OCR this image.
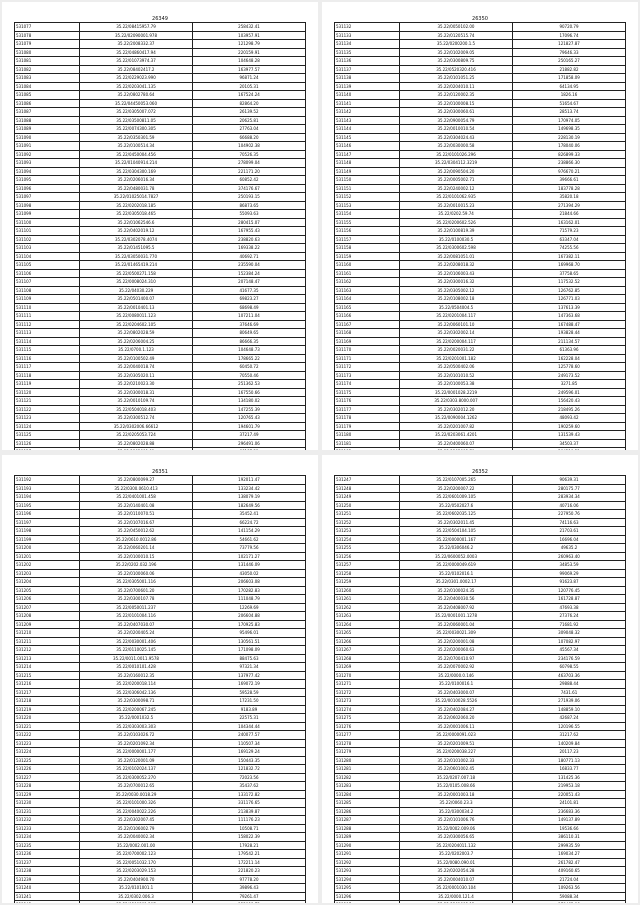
26349
531077	35.22/08415957.79	258432.41
531078	35.22/02090001.978	103957.91
531079	35.22/2008332.37	121298.79
531080	35.22/04860417.94	220159.91
531081	35.22/01073974.37	104648.28
531082	35.22/08402417.2	163977.57
531083	35.22/0229023.990	96871.24
531084	35.22/0203041.135	20105.31
531085	35.22/0802780.64	167524.24
531086	35.22/04450053.060	82864.20
531087	35.22/0305007.072	26139.52
531088	35.22/03500811.05	20625.81
531089	35.22/0074300.305	27763.04
531090	35.22/0350301.59	66688.20
531091	35.22/0100514.34	104902.38
531092	35.22/0450004.456	70526.35
531093	35.22/01040914.214	278099.04
531094	35.22/0304300.169	221171.20
531095	35.22/0206016.34	60852.42
531096	35.22/0480031.78	374176.67
531097	35.22/01025014.7827	250193.15
531098	35.22/0202018.185	86873.65
531099	35.22/0305018.465	55093.63
531100	35.22/01062546.6	280415.07
531101	35.22/0402019.12	167955.43
531102	35.22/0302078.4074	238820.63
531103	35.22/01451095.5	169338.22
531104	35.22/03050031.770	40692.71
531105	35.22/01465419.214	235590.04
531106	35.22/0500271.158	152384.24
531107	35.22/0008024.310	207148.47
531108	35.22/04030.229	41677.35
531109	35.22/0501400.07	69823.27
531110	35.22/0010401.13	68698.49
531111	35.22/0080011.123	107211.04
531112	35.22/0204602.105	37646.69
531113	35.22/0802028.59	80649.65
531114	35.22/0206004.25	86666.35
531115	35.22/0700.1.123	104648.73
531116	35.22/0100502.49	178665.22
531117	35.22/0040018.74	60450.72
531118	35.22/0305020.11	70550.46
531119	35.22/0210023.30	251362.53
531120	35.22/0300018.31	167550.66
531121	35.22/0010109.74	134180.02
531122	35.22/0504018.403	147255.39
531123	35.22/0300512.74	120765.43
531124	35.22/0302006.66612	194601.79
531125	35.22/0205053.724	37217.49
531126	35.22/0802028.88	296491.06

26350
531132	35.22/0050102.00	90720.79
531133	35.22/0120515.74	17096.74
531134	35.22/0200200.1.5	121827.87
531135	35.22/0102009.05	79646.33
531136	35.22/0300809.75	250165.27
531137	35.22/0520320.416	21882.82
531138	35.22/0101051.25	171858.09
531139	35.22/0204010.11	64134.95
531140	35.22/0120002.35	1826.16
531141	35.22/0100008.15	51654.67
531142	35.22/0300060.61	28513.74
531143	35.22/0900054.79	170974.05
531144	35.22/0010010.54	149698.35
531145	35.22/0304024.43	228130.19
531146	35.22/0030000.58	178040.06
531147	35.22/0101026.296	826899.33
531148	35.22/0304112.3219	238866.30
531149	35.22/0090504.20	976670.21
531150	35.22/0005002.71	39666.61
531151	35.22/0240002.12	183778.28
531152	35.22/0101062.935	35820.18
531153	35.22/0010015.23	271394.29
531154	35.22/0202.59.74	21844.66
531155	35.22/0200602.526	163162.01
531156	35.22/0100819.39	71579.23
531157	35.22/0100030.5	63347.04
531158	35.22/0300602.598	74255.56
531159	35.22/0081051.01	167382.11
531160	35.22/0208018.32	169968.70
531161	35.22/0106003.43	37758.65
531162	35.22/0300016.32	117532.52
531163	35.22/0305002.12	126762.85
531164	35.22/0108002.18	126771.03
531165	35.22/0504004.5	137613.39
531166	35.22/0201004.117	147363.68
531167	35.22/0060101.10	167488.47
531168	35.22/0302002.14	193828.44
531169	35.22/0200004.117	211134.57
531170	35.22/0020031.22	61363.96
531171	35.22/0201001.182	162228.04
531172	35.22/0500402.06	125778.60
531173	35.22/0101010.52	249173.52
531174	35.22/0100053.38	3271.85
531175	35.22/0001028.2219	249596.01
531176	35.22/0303.8000.007	156420.43
531177	35.22/0302012.20	218495.26
531178	35.22/0090004.1262	48093.42
531179	35.22/0201007.82	190259.60
531180	35.22/0203061.4201	131539.43
531181	35.22/0400060.07	34503.37

26351
531192	35.22/0800099.27	192011.47
531193	35.22/0300.0610.413	133234.42
531194	35.22/0401001.458	138079.19
531195	35.22/0140401.08	182649.56
531196	35.22/0110070.51	35452.41
531197	35.22/0107016.67	66224.72
531198	35.22/0450012.62	141154.29
531199	35.22/0610.0012.86	54661.62
531200	35.22/0060201.14	73779.56
531201	35.22/0100010.15	102171.27
531202	35.22/0202.032.196	131446.09
531203	35.22/0100060.06	43050.02
531204	35.22/0305001.116	206603.08
531205	35.22/0700601.20	170282.83
531206	35.22/0300107.78	111048.79
531207	35.22/0050011.237	12269.69
531208	35.22/0101004.116	206604.88
531209	35.22/0407030.07	170925.83
531210	35.22/0200405.24	95496.01
531211	35.22/0030001.406	130561.51
531212	35.22/0110025.145	171098.09
531213	35.22/0011.0011.9578	88475.63
531214	35.22/0010101.428	97321.34
531215	35.22/0160012.35	137977.42
531216	35.22/0200018.114	169072.19
531217	35.22/0306042.136	59528.59
531218	35.22/0300098.71	17231.50
531219	35.22/0200067.245	9183.89
531220	35.22/0001032.5	22575.31
531221	35.22/0303003.303	104344.44
531222	35.22/0103026.72	240077.57
531223	35.22/0201092.34	110507.34
531224	35.22/0000001.177	169129.24
531225	35.22/0120001.09	150443.35
531226	35.22/0102024.137	121832.72
531227	35.22/0300052.270	72023.56
531228	35.22/0700012.65	35437.62
531229	35.22/0030.0018.29	133172.82
531230	35.22/0101000.326	331176.65
531231	35.22/0040022.226	213839.87
531232	35.22/0302007.45	111176.23
531233	35.22/0106002.79	10508.71
531234	35.22/0040002.34	158022.39
531235	35.22/0002.001.00	17928.21
531236	35.22/0700002.123	179542.21
531237	35.22/0051032.170	172211.14
531238	35.22/0203029.153	221820.23
531239	35.22/0404900.70	97778.20
531240	35.22/0101001.1	39896.43
531241	35.22/0302.006.3	79261.47

26352
531247	35.22/0107005.265	90639.31
531248	35.22/0200007.22	280175.77
531249	35.22/0601009.105	283934.34
531250	35.22/0502027.6	40716.06
531251	35.22/0602035.125	227950.76
531252	35.22/0302011.45	74116.63
531253	35.22/0504104.105	21703.61
531254	35.22/0000001.167	16696.04
531255	35.22/0306046.2	49635.2
531256	35.22/0600052.0003	260963.40
531257	35.22/0000049.619	34853.59
531258	35.22/0102016.1	99069.29
531259	35.22/0301.0002.17	91623.87
531260	35.22/0100024.35	120776.45
531261	35.22/0400030.56	161728.87
531262	35.22/0408007.92	47693.38
531263	35.22/0001001.1278	27376.24
531264	35.22/0060001.04	71681.92
531265	35.22/0030021.309	309048.32
531266	35.22/0200001.08	107082.97
531267	35.22/0200060.63	45567.34
531268	35.22/0700410.97	234176.59
531269	35.22/0070002.92	60798.55
531270	35.22/0000.0.146	463703.36
531271	35.22/0100016.1	29888.44
531272	35.22/0403000.07	7431.61
531273	35.22/0010028.5526	271939.06
531274	35.22/0402084.27	148859.10
531275	35.22/0602060.20	42687.24
531276	35.22/0001006.11	120196.55
531277	35.22/0000091.023	31217.62
531278	35.22/0201009.51	140209.84
531279	35.22/0200038.227	20117.23
531280	35.22/0101002.33	180771.13
531281	35.22/0601002.45	16833.77
531282	35.22/0207.007.18	131425.36
531283	35.22/0105.008.66	219953.18
531284	35.22/0001003.18	220051.43
531285	35.22/0060.23.3	24101.81
531286	35.22/0300034.2	236683.36
531287	35.22/0101006.76	149137.89
531288	35.22/0002.009.06	19536.66
531289	35.22/0300056.65	386110.31
531290	35.22/0204011.132	299935.59
531291	35.22/0202003.7	169034.27
531292	35.22/0080.090.01	261782.47
531293	35.22/0202054.28	409160.65
531294	35.22/0004010.07	21724.04
531295	35.22/0001030.104	109263.56
531296	35.22/0000.121.4	59088.34
